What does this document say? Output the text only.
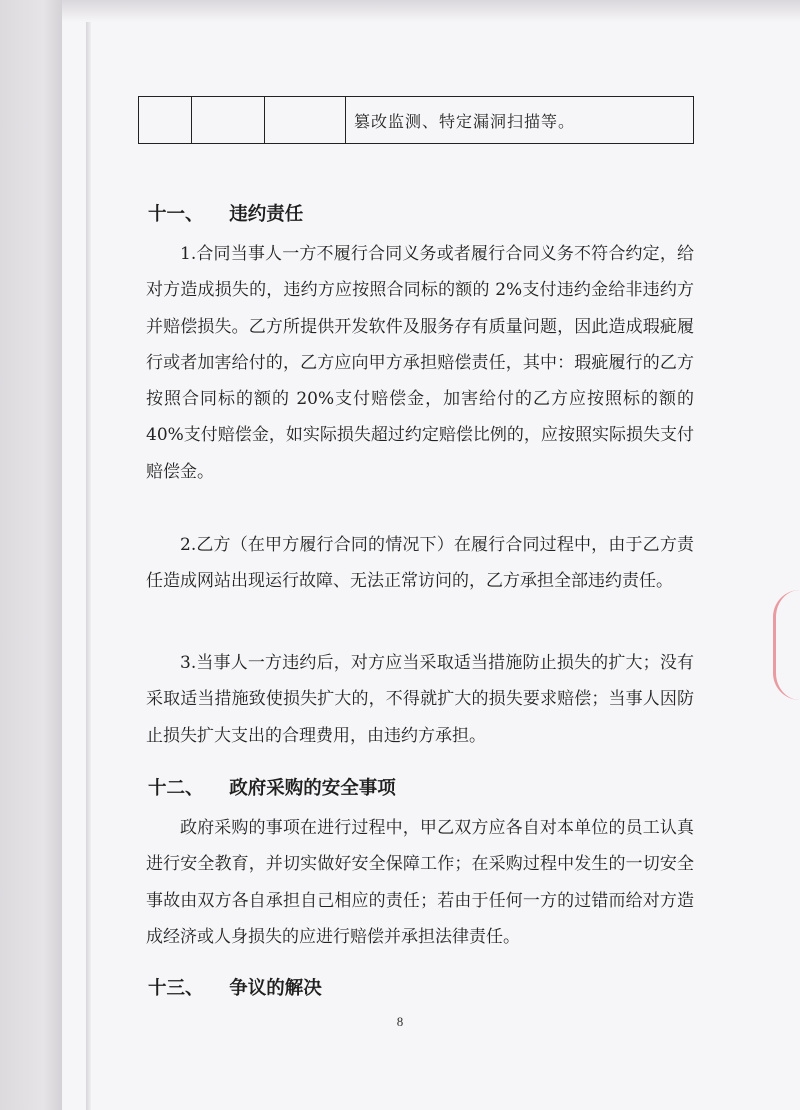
			篡改监测、特定漏洞扫描等。
十一、    违约责任

1.合同当事人一方不履行合同义务或者履行合同义务不符合约定，给对方造成损失的，违约方应按照合同标的额的 2%支付违约金给非违约方并赔偿损失。乙方所提供开发软件及服务存有质量问题，因此造成瑕疵履行或者加害给付的，乙方应向甲方承担赔偿责任，其中：瑕疵履行的乙方按照合同标的额的 20%支付赔偿金，加害给付的乙方应按照标的额的 40%支付赔偿金，如实际损失超过约定赔偿比例的，应按照实际损失支付赔偿金。

2.乙方（在甲方履行合同的情况下）在履行合同过程中，由于乙方责任造成网站出现运行故障、无法正常访问的，乙方承担全部违约责任。

3.当事人一方违约后，对方应当采取适当措施防止损失的扩大；没有采取适当措施致使损失扩大的，不得就扩大的损失要求赔偿；当事人因防止损失扩大支出的合理费用，由违约方承担。

十二、    政府采购的安全事项

政府采购的事项在进行过程中，甲乙双方应各自对本单位的员工认真进行安全教育，并切实做好安全保障工作；在采购过程中发生的一切安全事故由双方各自承担自己相应的责任；若由于任何一方的过错而给对方造成经济或人身损失的应进行赔偿并承担法律责任。

十三、    争议的解决
8
